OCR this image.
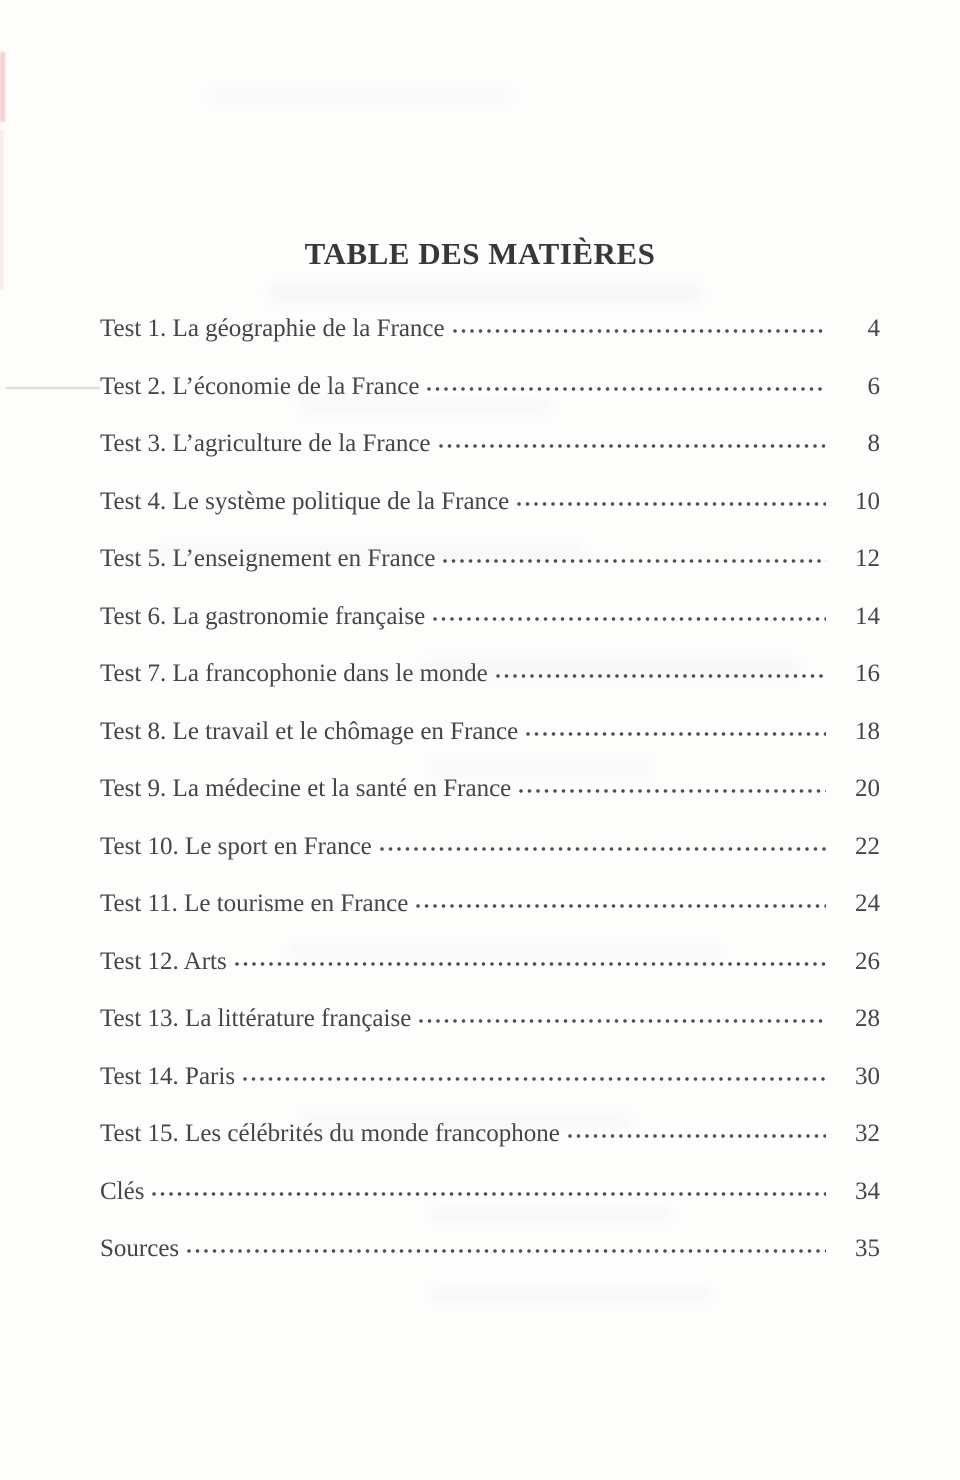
TABLE DES MATIÈRES
Test 1. La géographie de la France	4
Test 2. L’économie de la France	6
Test 3. L’agriculture de la France	8
Test 4. Le système politique de la France	10
Test 5. L’enseignement en France	12
Test 6. La gastronomie française	14
Test 7. La francophonie dans le monde	16
Test 8. Le travail et le chômage en France	18
Test 9. La médecine et la santé en France	20
Test 10. Le sport en France	22
Test 11. Le tourisme en France	24
Test 12. Arts	26
Test 13. La littérature française	28
Test 14. Paris	30
Test 15. Les célébrités du monde francophone	32
Clés	34
Sources	35
